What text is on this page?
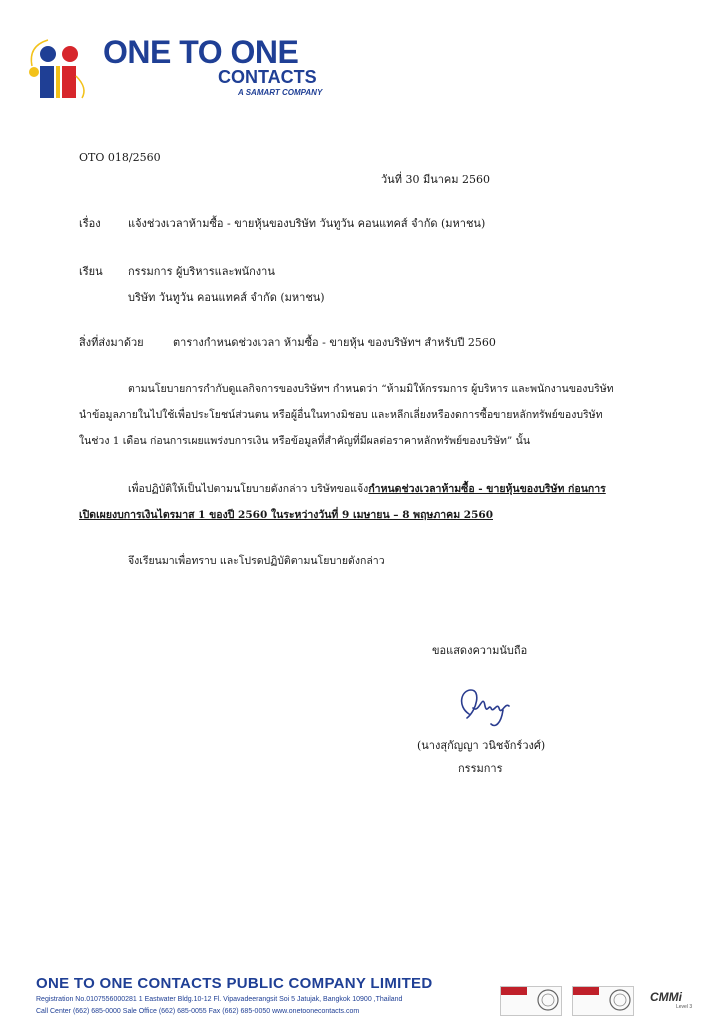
ONE TO ONE
CONTACTS
A SAMART COMPANY
OTO 018/2560
วันที่ 30 มีนาคม 2560
เรื่อง แจ้งช่วงเวลาห้ามซื้อ - ขายหุ้นของบริษัท วันทูวัน คอนแทคส์ จำกัด (มหาชน)
เรียน กรรมการ ผู้บริหารและพนักงาน
บริษัท วันทูวัน คอนแทคส์ จำกัด (มหาชน)
สิ่งที่ส่งมาด้วย	ตารางกำหนดช่วงเวลา ห้ามซื้อ - ขายหุ้น ของบริษัทฯ สำหรับปี 2560
ตามนโยบายการกำกับดูแลกิจการของบริษัทฯ กำหนดว่า “ห้ามมิให้กรรมการ ผู้บริหาร และพนักงานของบริษัท
นำข้อมูลภายในไปใช้เพื่อประโยชน์ส่วนตน หรือผู้อื่นในทางมิชอบ และหลีกเลี่ยงหรืองดการซื้อขายหลักทรัพย์ของบริษัท
ในช่วง 1 เดือน ก่อนการเผยแพร่งบการเงิน หรือข้อมูลที่สำคัญที่มีผลต่อราคาหลักทรัพย์ของบริษัท” นั้น
เพื่อปฏิบัติให้เป็นไปตามนโยบายดังกล่าว บริษัทขอแจ้งกำหนดช่วงเวลาห้ามซื้อ - ขายหุ้นของบริษัท ก่อนการ
เปิดเผยงบการเงินไตรมาส 1 ของปี 2560 ในระหว่างวันที่ 9 เมษายน – 8 พฤษภาคม 2560
จึงเรียนมาเพื่อทราบ และโปรดปฏิบัติตามนโยบายดังกล่าว
ขอแสดงความนับถือ
(นางสุกัญญา วนิชจักร์วงศ์)
กรรมการ
ONE TO ONE CONTACTS PUBLIC COMPANY LIMITED
Registration No.0107556000281 1 Eastwater Bldg.10-12 Fl. Vipavadeerangsit Soi 5 Jatujak, Bangkok 10900 ,Thailand
Call Center (662) 685-0000 Sale Office (662) 685-0055 Fax (662) 685-0050 www.onetoonecontacts.com
CMMi
Level 3
